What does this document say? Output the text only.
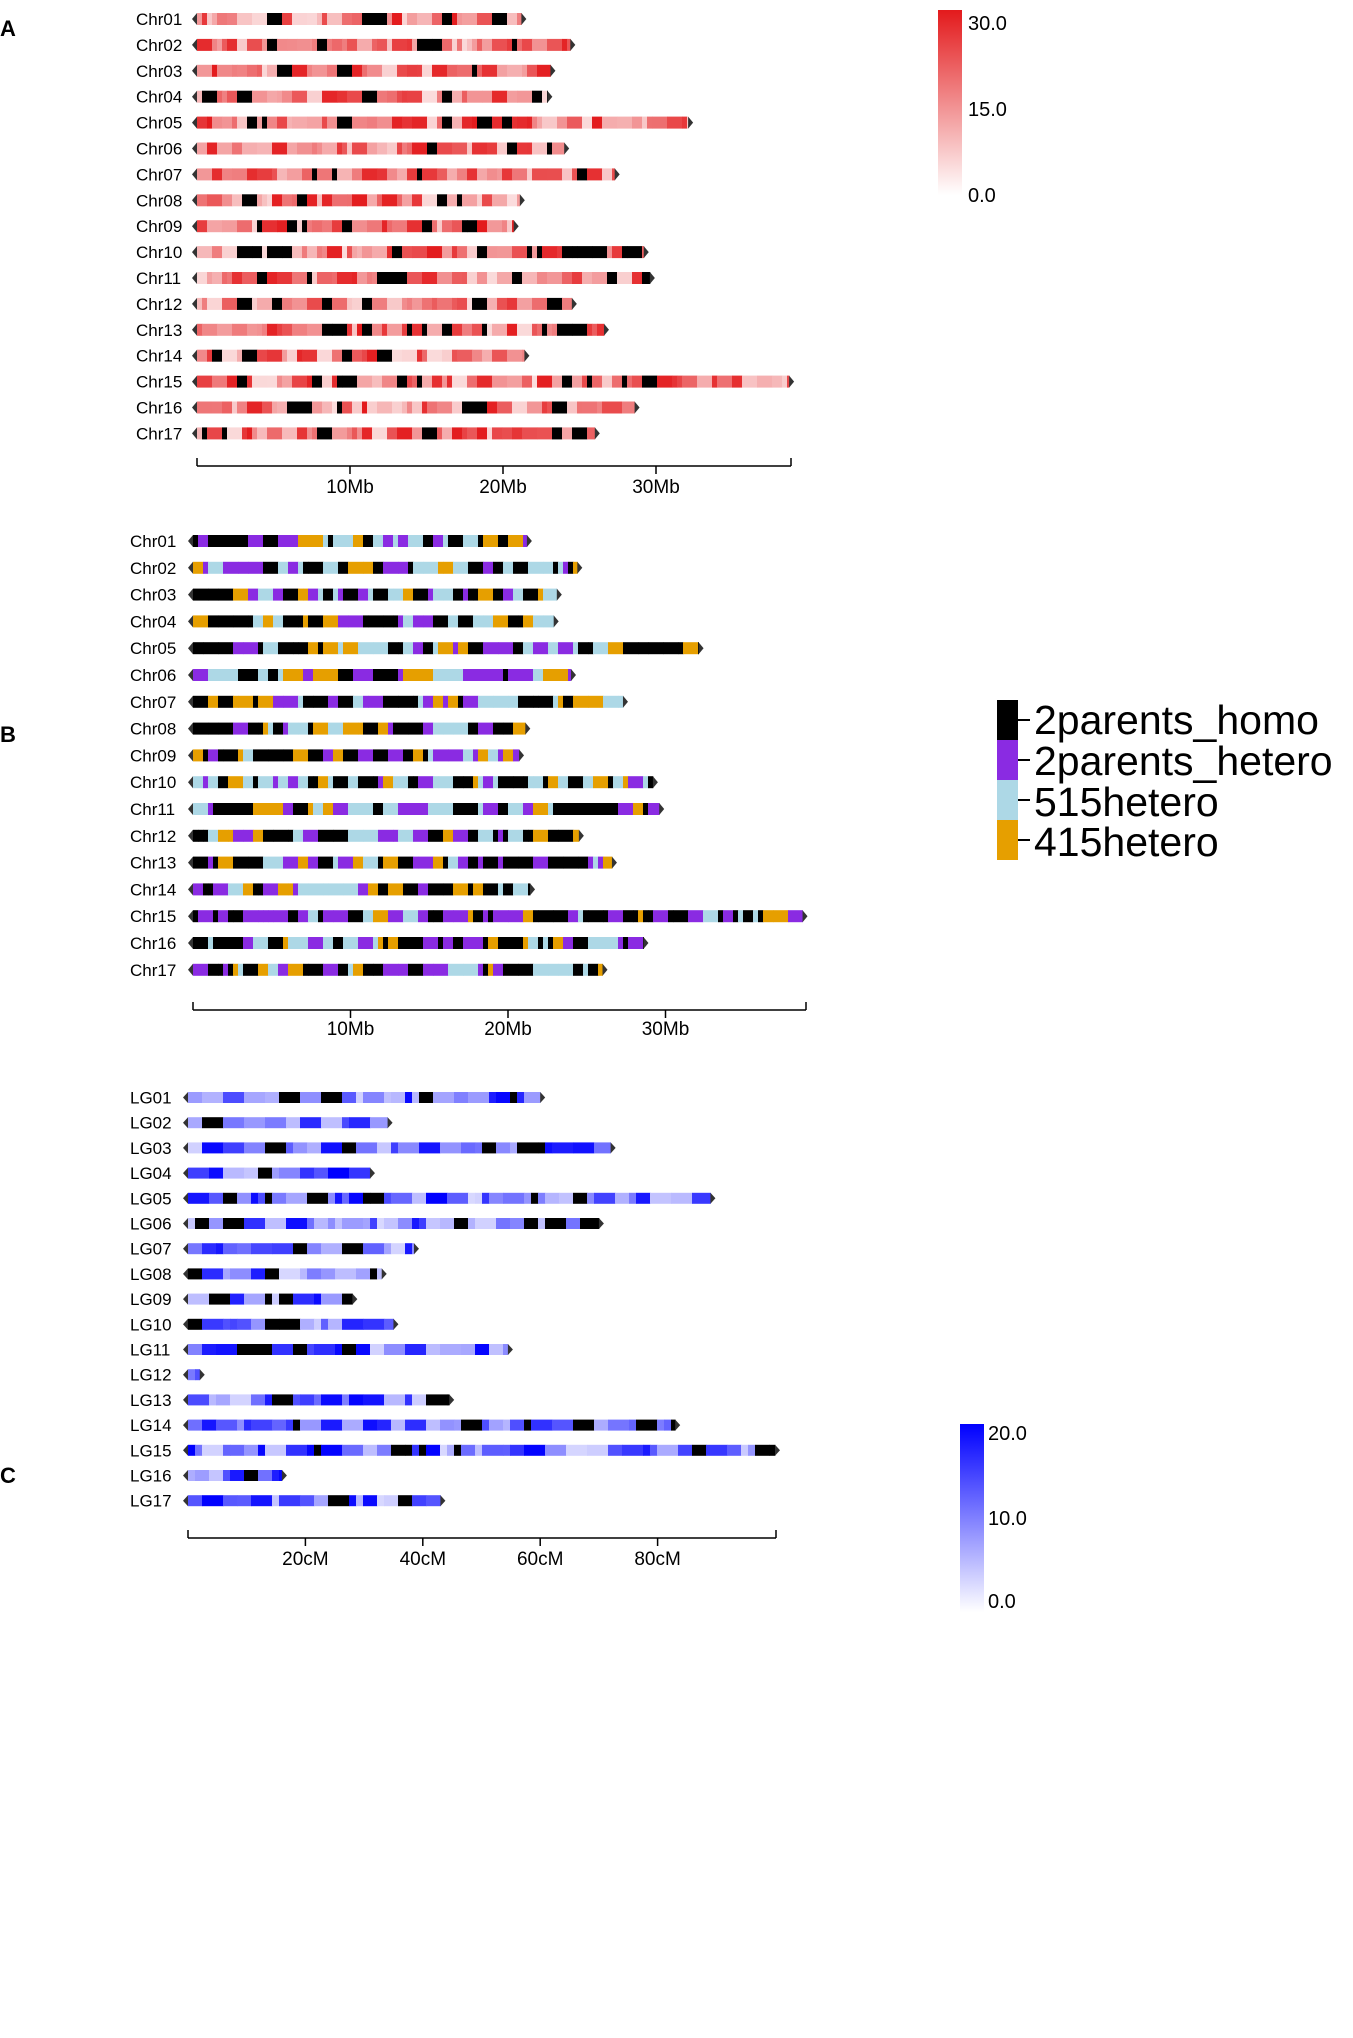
A
B
C
Chr01
Chr02
Chr03
Chr04
Chr05
Chr06
Chr07
Chr08
Chr09
Chr10
Chr11
Chr12
Chr13
Chr14
Chr15
Chr16
Chr17
10Mb	20Mb	30Mb
30.0
15.0
0.0
Chr01
Chr02
Chr03
Chr04
Chr05
Chr06
Chr07
Chr08
Chr09
Chr10
Chr11
Chr12
Chr13
Chr14
Chr15
Chr16
Chr17
10Mb	20Mb	30Mb
2parents_homo
2parents_hetero
515hetero
415hetero
LG01
LG02
LG03
LG04
LG05
LG06
LG07
LG08
LG09
LG10
LG11
LG12
LG13
LG14
LG15
LG16
LG17
20cM	40cM	60cM	80cM
20.0
10.0
0.0
